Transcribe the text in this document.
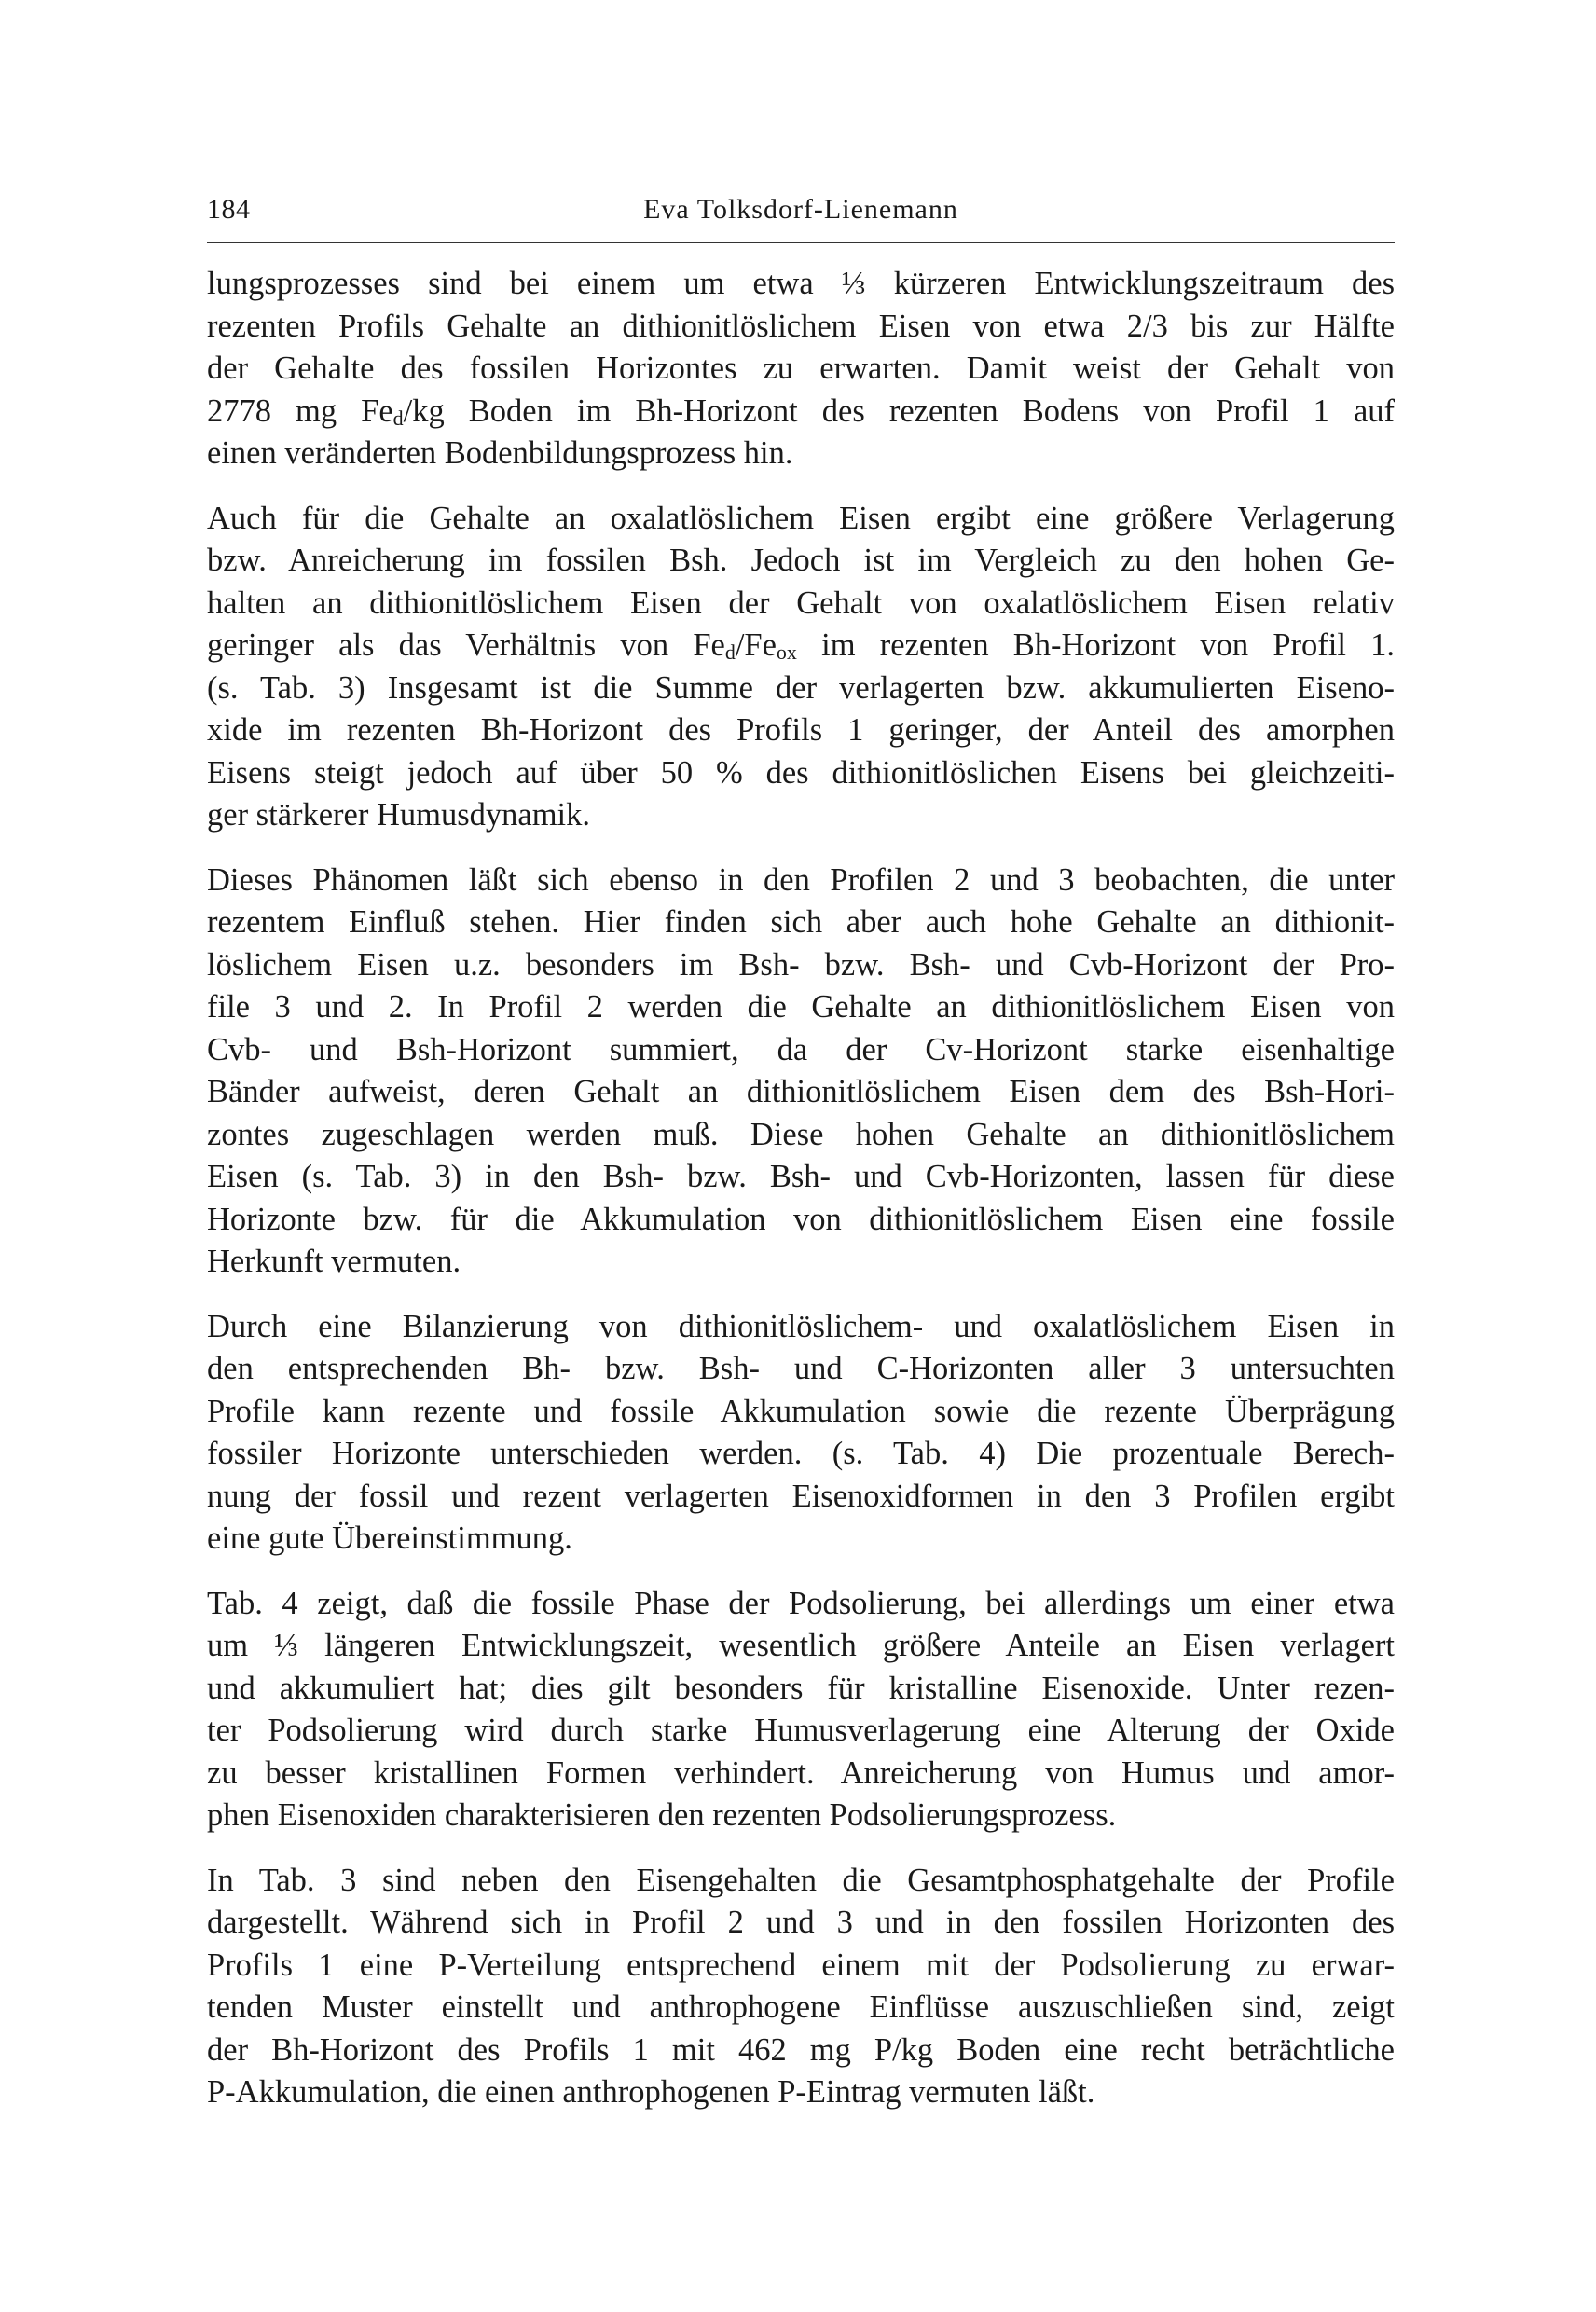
184	Eva Tolksdorf-Lienemann

lungsprozesses sind bei einem um etwa ⅓ kürzeren Entwicklungszeitraum des
rezenten Profils Gehalte an dithionitlöslichem Eisen von etwa 2/3 bis zur Hälfte
der Gehalte des fossilen Horizontes zu erwarten. Damit weist der Gehalt von
2778 mg $Fe_d/kg$ Boden im Bh-Horizont des rezenten Bodens von Profil 1 auf
einen veränderten Bodenbildungsprozess hin.

Auch für die Gehalte an oxalatlöslichem Eisen ergibt eine größere Verlagerung
bzw. Anreicherung im fossilen Bsh. Jedoch ist im Vergleich zu den hohen Ge-
halten an dithionitlöslichem Eisen der Gehalt von oxalatlöslichem Eisen relativ
geringer als das Verhältnis von $Fe_d/Fe_{ox}$ im rezenten Bh-Horizont von Profil 1.
(s. Tab. 3) Insgesamt ist die Summe der verlagerten bzw. akkumulierten Eiseno-
xide im rezenten Bh-Horizont des Profils 1 geringer, der Anteil des amorphen
Eisens steigt jedoch auf über 50 % des dithionitlöslichen Eisens bei gleichzeiti-
ger stärkerer Humusdynamik.

Dieses Phänomen läßt sich ebenso in den Profilen 2 und 3 beobachten, die unter
rezentem Einfluß stehen. Hier finden sich aber auch hohe Gehalte an dithionit-
löslichem Eisen u.z. besonders im Bsh- bzw. Bsh- und Cvb-Horizont der Pro-
file 3 und 2. In Profil 2 werden die Gehalte an dithionitlöslichem Eisen von
Cvb- und Bsh-Horizont summiert, da der Cv-Horizont starke eisenhaltige
Bänder aufweist, deren Gehalt an dithionitlöslichem Eisen dem des Bsh-Hori-
zontes zugeschlagen werden muß. Diese hohen Gehalte an dithionitlöslichem
Eisen (s. Tab. 3) in den Bsh- bzw. Bsh- und Cvb-Horizonten, lassen für diese
Horizonte bzw. für die Akkumulation von dithionitlöslichem Eisen eine fossile
Herkunft vermuten.

Durch eine Bilanzierung von dithionitlöslichem- und oxalatlöslichem Eisen in
den entsprechenden Bh- bzw. Bsh- und C-Horizonten aller 3 untersuchten
Profile kann rezente und fossile Akkumulation sowie die rezente Überprägung
fossiler Horizonte unterschieden werden. (s. Tab. 4) Die prozentuale Berech-
nung der fossil und rezent verlagerten Eisenoxidformen in den 3 Profilen ergibt
eine gute Übereinstimmung.

Tab. 4 zeigt, daß die fossile Phase der Podsolierung, bei allerdings um einer etwa
um ⅓ längeren Entwicklungszeit, wesentlich größere Anteile an Eisen verlagert
und akkumuliert hat; dies gilt besonders für kristalline Eisenoxide. Unter rezen-
ter Podsolierung wird durch starke Humusverlagerung eine Alterung der Oxide
zu besser kristallinen Formen verhindert. Anreicherung von Humus und amor-
phen Eisenoxiden charakterisieren den rezenten Podsolierungsprozess.

In Tab. 3 sind neben den Eisengehalten die Gesamtphosphatgehalte der Profile
dargestellt. Während sich in Profil 2 und 3 und in den fossilen Horizonten des
Profils 1 eine P-Verteilung entsprechend einem mit der Podsolierung zu erwar-
tenden Muster einstellt und anthrophogene Einflüsse auszuschließen sind, zeigt
der Bh-Horizont des Profils 1 mit 462 mg P/kg Boden eine recht beträchtliche
P-Akkumulation, die einen anthrophogenen P-Eintrag vermuten läßt.
